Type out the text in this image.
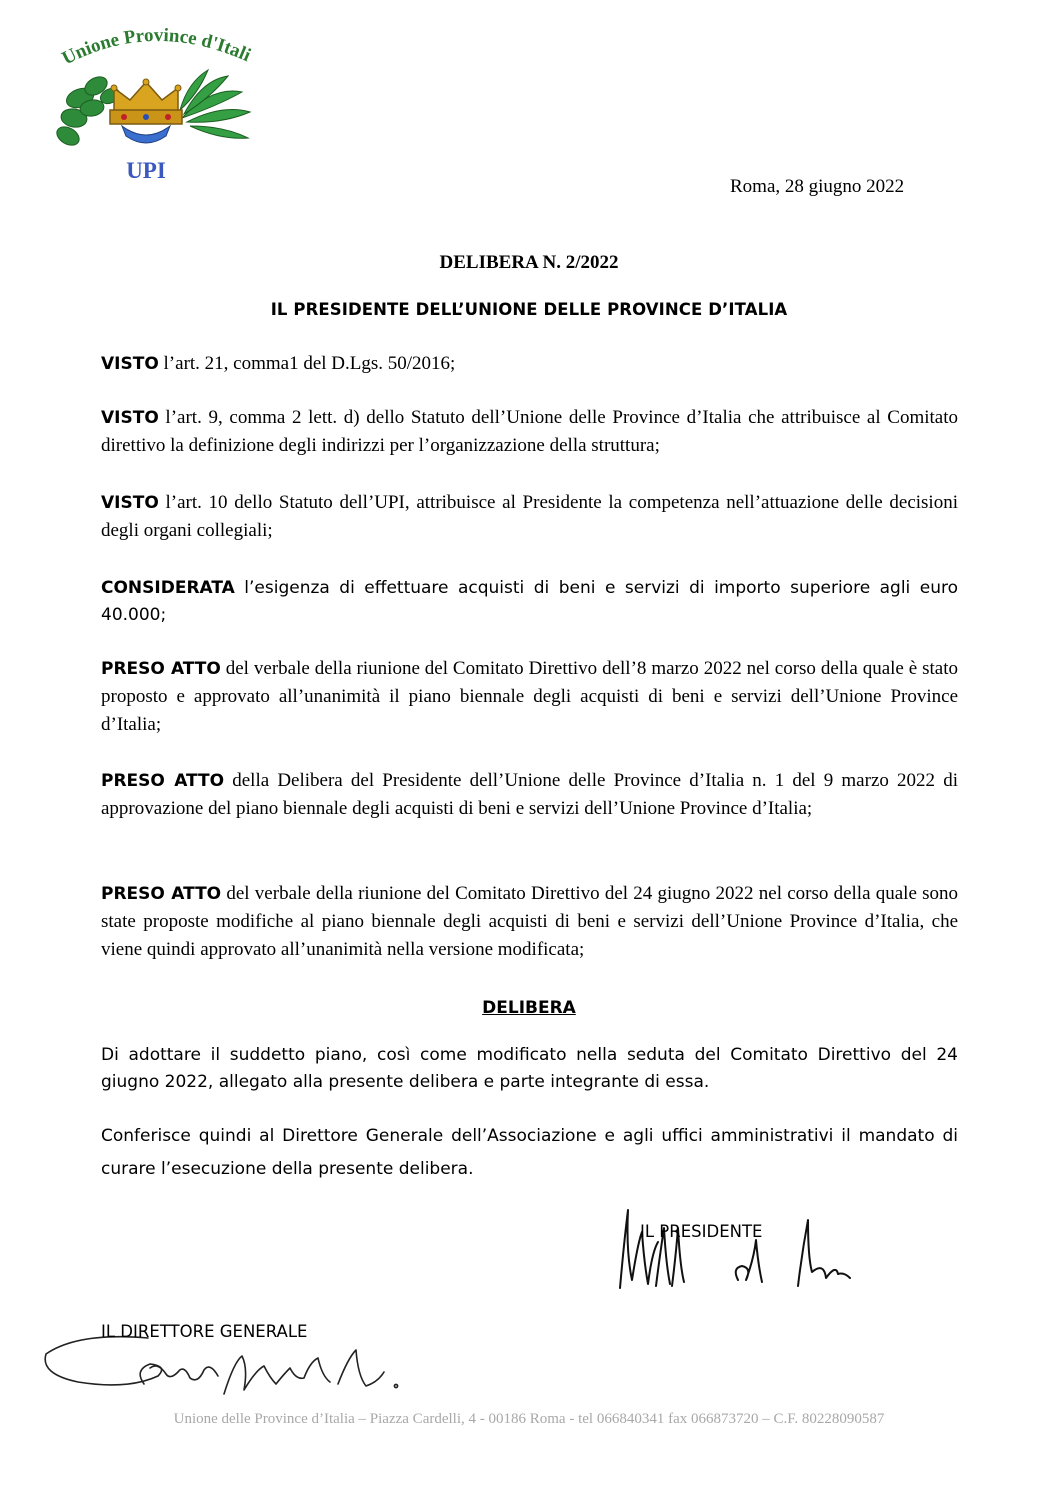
Unione Province d'Itali
UPI
Roma, 28 giugno 2022
DELIBERA N. 2/2022
IL PRESIDENTE DELL’UNIONE DELLE PROVINCE D’ITALIA
VISTO l’art. 21, comma1 del D.Lgs. 50/2016;
VISTO l’art. 9, comma 2 lett. d) dello Statuto dell’Unione delle Province d’Italia che attribuisce al Comitato direttivo la definizione degli indirizzi per l’organizzazione della struttura;
VISTO l’art. 10 dello Statuto dell’UPI, attribuisce al Presidente la competenza nell’attuazione delle decisioni degli organi collegiali;
CONSIDERATA l’esigenza di effettuare acquisti di beni e servizi di importo superiore agli euro 40.000;
PRESO ATTO del verbale della riunione del Comitato Direttivo dell’8 marzo 2022 nel corso della quale è stato proposto e approvato all’unanimità il piano biennale degli acquisti di beni e servizi dell’Unione Province d’Italia;
PRESO ATTO della Delibera del Presidente dell’Unione delle Province d’Italia n. 1 del 9 marzo 2022 di approvazione del piano biennale degli acquisti di beni e servizi dell’Unione Province d’Italia;
PRESO ATTO del verbale della riunione del Comitato Direttivo del 24 giugno 2022 nel corso della quale sono state proposte modifiche al piano biennale degli acquisti di beni e servizi dell’Unione Province d’Italia, che viene quindi approvato all’unanimità nella versione modificata;
DELIBERA
Di adottare il suddetto piano, così come modificato nella seduta del Comitato Direttivo del 24 giugno 2022, allegato alla presente delibera e parte integrante di essa.
Conferisce quindi al Direttore Generale dell’Associazione e agli uffici amministrativi il mandato di curare l’esecuzione della presente delibera.
IL PRESIDENTE
IL DIRETTORE GENERALE
Unione delle Province d’Italia – Piazza Cardelli, 4 - 00186 Roma - tel 066840341 fax 066873720 – C.F. 80228090587
